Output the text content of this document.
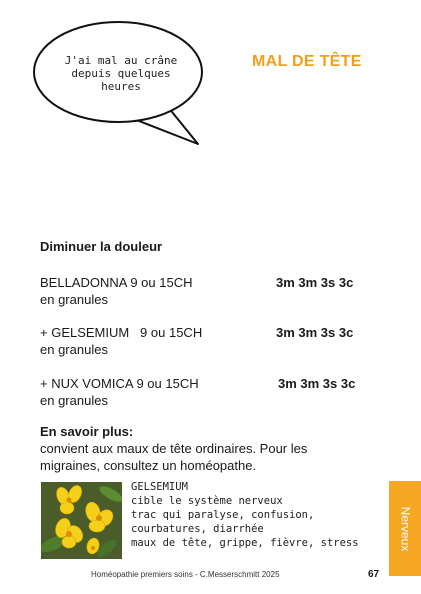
J'ai mal au crâne
depuis quelques
heures
MAL DE TÊTE
Diminuer la douleur
BELLADONNA 9 ou 15CH	3m 3m 3s 3c
en granules
+ GELSEMIUM   9 ou 15CH	3m 3m 3s 3c
en granules
+ NUX VOMICA 9 ou 15CH	3m 3m 3s 3c
en granules
En savoir plus:
convient aux maux de tête ordinaires. Pour les
migraines, consultez un homéopathe.
GELSEMIUM
cible le système nerveux
trac qui paralyse, confusion,
courbatures, diarrhée
maux de tête, grippe, fièvre, stress	Nerveux
Homéopathie premiers soins - C.Messerschmitt 2025	67
